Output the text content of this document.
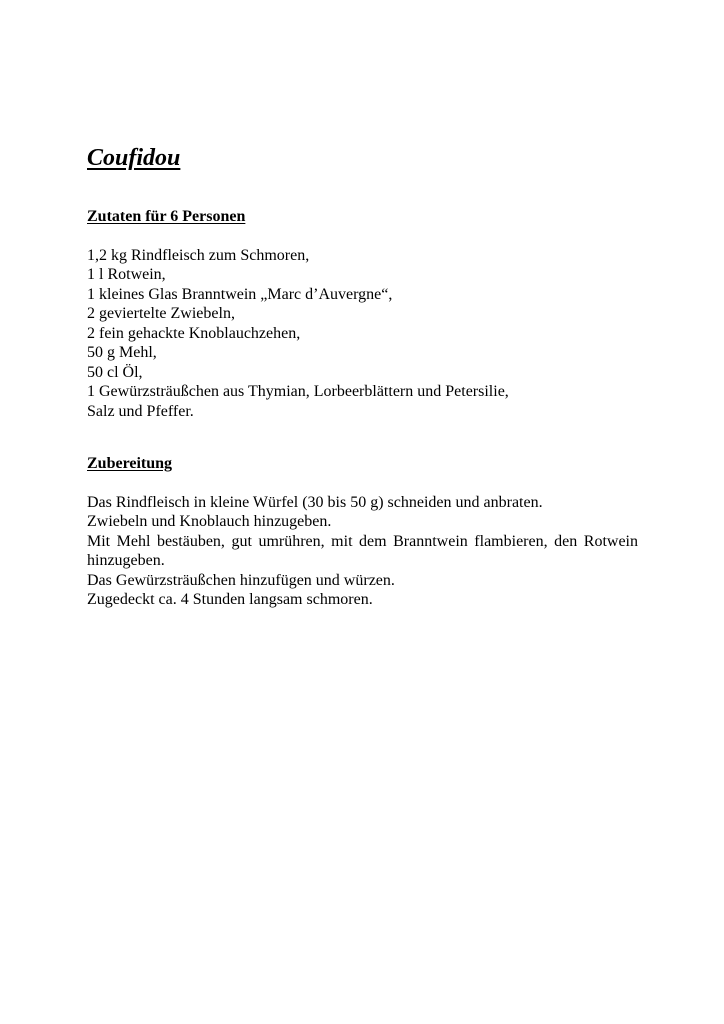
Coufidou
Zutaten für 6 Personen
1,2 kg Rindfleisch zum Schmoren,
1 l Rotwein,
1 kleines Glas Branntwein „Marc d’Auvergne“,
2 geviertelte Zwiebeln,
2 fein gehackte Knoblauchzehen,
50 g Mehl,
50 cl Öl,
1 Gewürzsträußchen aus Thymian, Lorbeerblättern und Petersilie,
Salz und Pfeffer.
Zubereitung

Das Rindfleisch in kleine Würfel (30 bis 50 g) schneiden und anbraten.

Zwiebeln und Knoblauch hinzugeben.

Mit Mehl bestäuben, gut umrühren, mit dem Branntwein flambieren, den Rotwein hinzugeben.

Das Gewürzsträußchen hinzufügen und würzen.

Zugedeckt ca. 4 Stunden langsam schmoren.
